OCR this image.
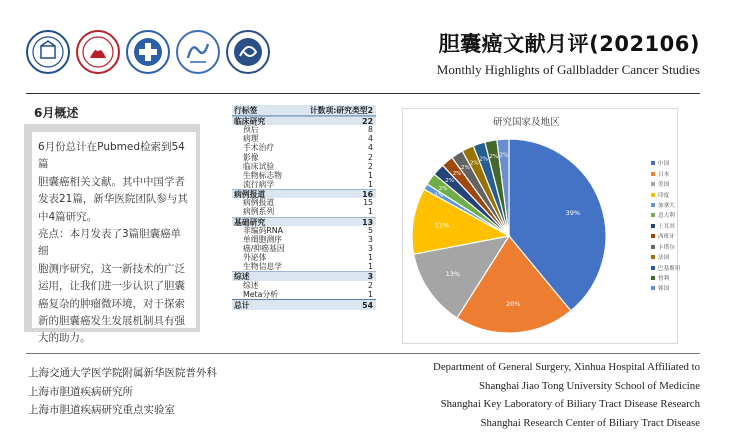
胆囊癌文献月评(202106)
Monthly Highlights of Gallbladder Cancer Studies
6月概述

6月份总计在Pubmed检索到54篇

胆囊癌相关文献。其中中国学者

发表21篇，新华医院团队参与其

中4篇研究。

亮点：本月发表了3篇胆囊癌单细

胞测序研究，这一新技术的广泛

运用，让我们进一步认识了胆囊

癌复杂的肿瘤微环境，对于探索

新的胆囊癌发生发展机制具有强

大的助力。

行标签	计数项:研究类型2
临床研究	22
预后	8
病理	4
手术治疗	4
影像	2
临床试验	2
生物标志物	1
流行病学	1
病例报道	16
病例报道	15
病例系列	1
基础研究	13
非编码RNA	5
单细胞测序	3
癌/抑癌基因	3
外泌体	1
生物信息学	1
综述	3
综述	2
Meta分析	1
总计	54
39%
20%
13%
11%
1%
2%
2%
2%
2%
2%
2% 2% 2%
研究国家及地区
中国
日本
美国
印度
加拿大
意大利
土耳其
西班牙
卡塔尔
法国
巴基斯坦
智利
韩国
上海交通大学医学院附属新华医院普外科
上海市胆道疾病研究所
上海市胆道疾病研究重点实验室
Department of General Surgery, Xinhua Hospital Affiliated to
Shanghai Jiao Tong University School of Medicine
Shanghai Key Laboratory of Biliary Tract Disease Research
Shanghai Research Center of Biliary Tract Disease
